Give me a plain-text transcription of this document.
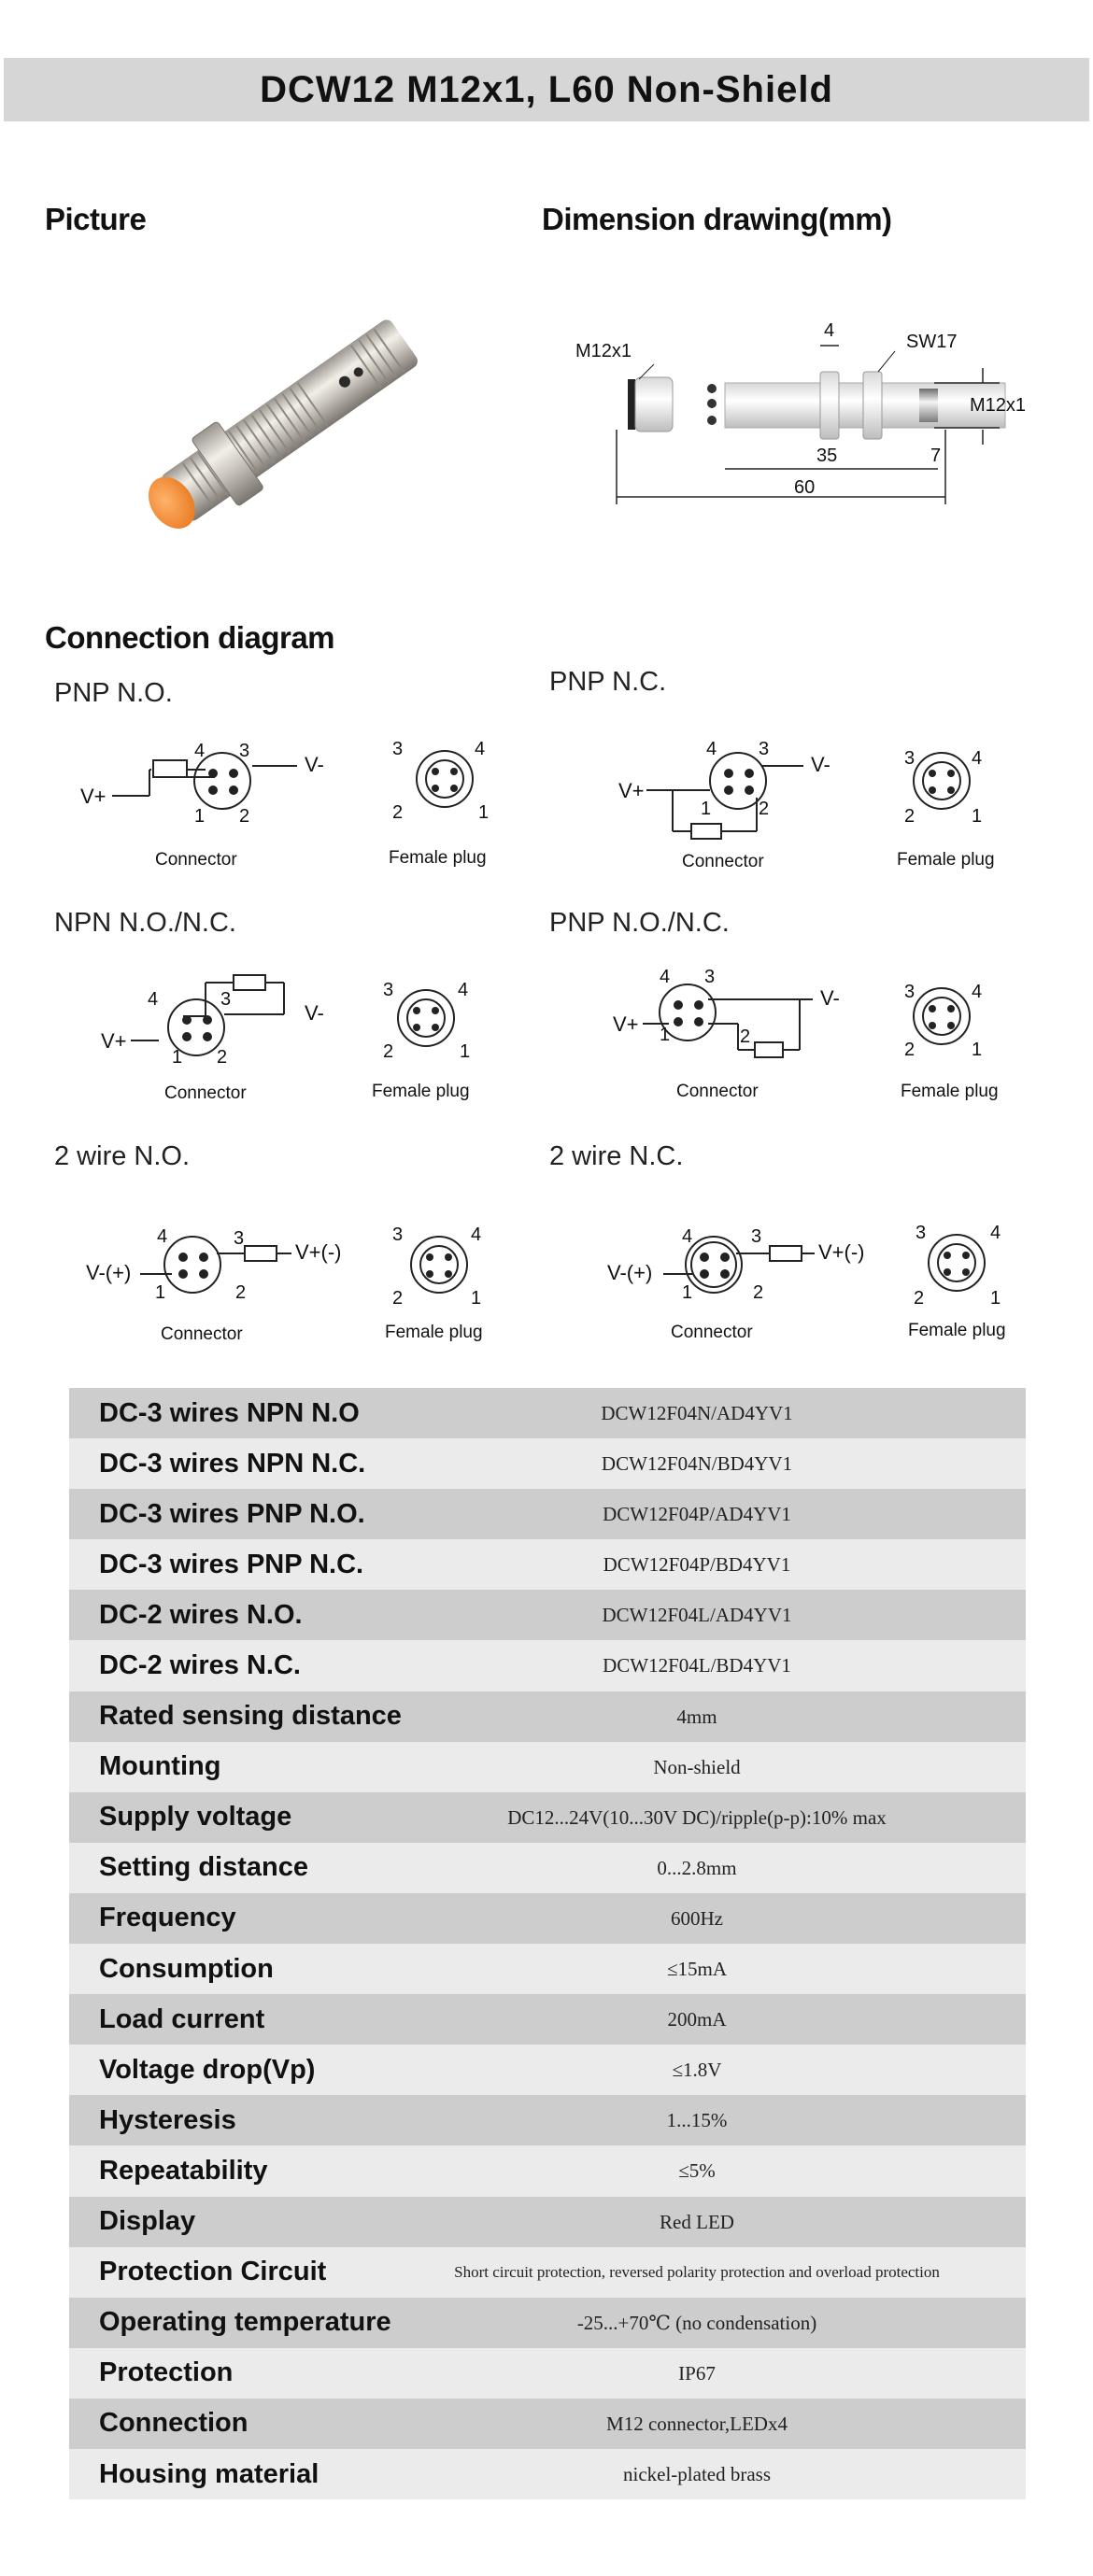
DCW12 M12x1, L60 Non-Shield
Picture	Dimension drawing(mm)
Connection diagram
M12x1
4
SW17
M12x1
35	7
60
PNP N.O.	PNP N.C.
NPN N.O./N.C.	PNP N.O./N.C.
2 wire N.O.	2 wire N.C.
V+
V-
4 3
1 2
Connector
3	4
2	1
Female plug
V+
V-
4 3
1	2
Connector
3	4
2	1
Female plug
V+
V-
4	3
1 2
Connector
3	4
2	1
Female plug
V+
V-
4 3
1	2
Connector
3	4
2	1
Female plug
V-(+)
V+(-)
4	3
1	2
Connector
3	4
2	1
Female plug
V-(+)
V+(-)
4	3
1	2
Connector
3	4
2	1
Female plug
DC-3 wires NPN N.O	DCW12F04N/AD4YV1
DC-3 wires NPN N.C.	DCW12F04N/BD4YV1
DC-3 wires PNP N.O.	DCW12F04P/AD4YV1
DC-3 wires PNP N.C.	DCW12F04P/BD4YV1
DC-2 wires N.O.	DCW12F04L/AD4YV1
DC-2 wires N.C.	DCW12F04L/BD4YV1
Rated sensing distance	4mm
Mounting	Non-shield
Supply voltage	DC12...24V(10...30V DC)/ripple(p-p):10% max
Setting distance	0...2.8mm
Frequency	600Hz
Consumption	≤15mA
Load current	200mA
Voltage drop(Vp)	≤1.8V
Hysteresis	1...15%
Repeatability	≤5%
Display	Red LED
Protection Circuit	Short circuit protection, reversed polarity protection and overload protection
Operating temperature	-25...+70℃ (no condensation)
Protection	IP67
Connection	M12 connector,LEDx4
Housing material	nickel-plated brass
